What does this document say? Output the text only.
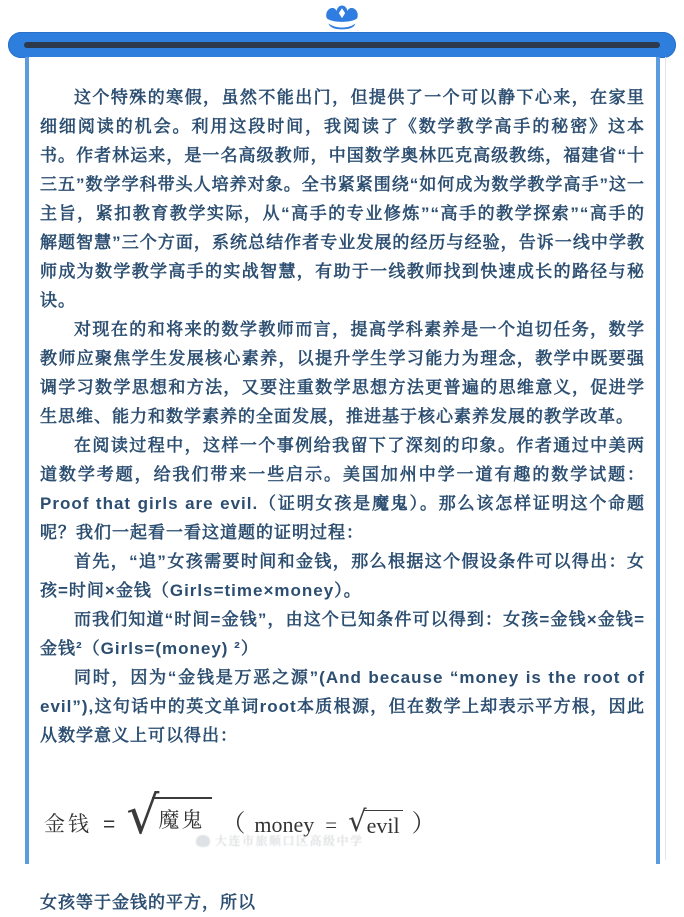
这个特殊的寒假，虽然不能出门，但提供了一个可以静下心来，在家里细细阅读的机会。利用这段时间，我阅读了《数学教学高手的秘密》这本书。作者林运来，是一名高级教师，中国数学奥林匹克高级教练，福建省“十三五”数学学科带头人培养对象。全书紧紧围绕“如何成为数学教学高手”这一主旨，紧扣教育教学实际，从“高手的专业修炼”“高手的教学探索”“高手的解题智慧”三个方面，系统总结作者专业发展的经历与经验，告诉一线中学教师成为数学教学高手的实战智慧，有助于一线教师找到快速成长的路径与秘诀。

对现在的和将来的数学教师而言，提高学科素养是一个迫切任务，数学教师应聚焦学生发展核心素养，以提升学生学习能力为理念，教学中既要强调学习数学思想和方法，又要注重数学思想方法更普遍的思维意义，促进学生思维、能力和数学素养的全面发展，推进基于核心素养发展的教学改革。

在阅读过程中，这样一个事例给我留下了深刻的印象。作者通过中美两道数学考题，给我们带来一些启示。美国加州中学一道有趣的数学试题：Proof that girls are evil.（证明女孩是魔鬼）。那么该怎样证明这个命题呢？我们一起看一看这道题的证明过程：

首先，“追”女孩需要时间和金钱，那么根据这个假设条件可以得出：女孩=时间×金钱（Girls=time×money）。

而我们知道“时间=金钱”，由这个已知条件可以得到：女孩=金钱×金钱=金钱²（Girls=(money) ²）

同时，因为“金钱是万恶之源”(And because “money is the root of evil”),这句话中的英文单词root本质根源，但在数学上却表示平方根，因此从数学意义上可以得出：

金钱 = √ 魔鬼 （ money = √ evil ）
大连市旅顺口区高级中学

女孩等于金钱的平方，所以
